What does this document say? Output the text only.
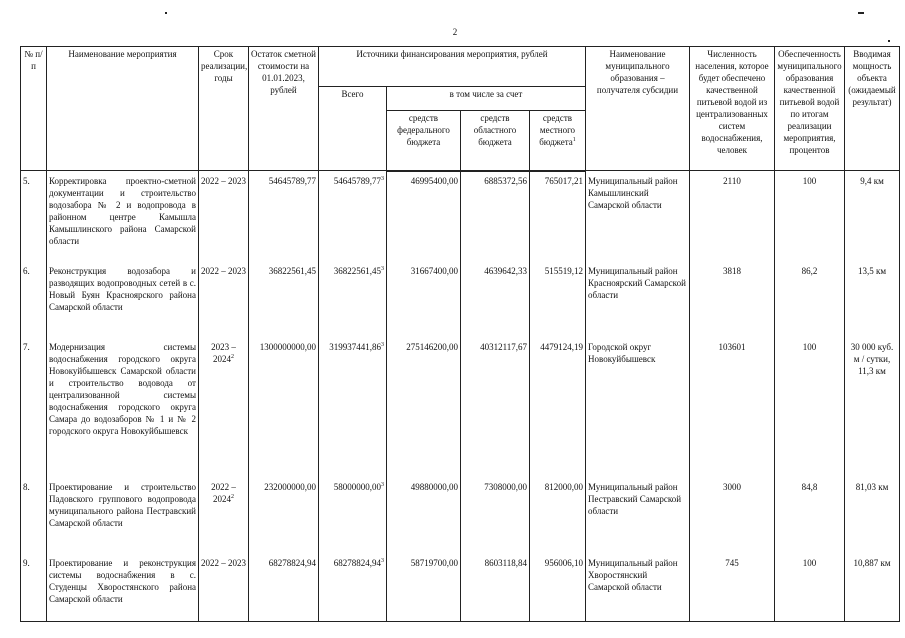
2
№ п/п	Наименование мероприятия	Срок реализации, годы	Остаток сметной стоимости на 01.01.2023, рублей	Источники финансирования мероприятия, рублей				Наименование муниципального образования – получателя субсидии	Численность населения, которое будет обеспечено качественной питьевой водой из централизованных систем водоснабжения, человек	Обеспеченность муниципального образования качественной питьевой водой по итогам реализации мероприятия, процентов	Вводимая мощность объекта (ожидаемый результат)
				Всего	в том числе за счет						
					средств федерального бюджета	средств областного бюджета	средств местного бюджета$^1$

5.	Корректировка проектно-сметной документации и строительство водозабора № 2 и водопровода в районном центре Камышла Камышлинского района Самарской области	2022 – 2023	54645789,77	54645789,77$^3$	46995400,00	6885372,56	765017,21	Муниципальный район Камышлинский Самарской области	2110	100	9,4 км
6.	Реконструкция водозабора и разводящих водопроводных сетей в с. Новый Буян Красноярского района Самарской области	2022 – 2023	36822561,45	36822561,45$^3$	31667400,00	4639642,33	515519,12	Муниципальный район Красноярский Самарской области	3818	86,2	13,5 км
7.	Модернизация системы водоснабжения городского округа Новокуйбышевск Самарской области и строительство водовода от централизованной системы водоснабжения городского округа Самара до водозаборов № 1 и № 2 городского округа Новокуйбышевск	2023 – 2024$^2$	1300000000,00	319937441,86$^3$	275146200,00	40312117,67	4479124,19	Городской округ Новокуйбышевск	103601	100	30 000 куб. м / сутки, 11,3 км
8.	Проектирование и строительство Падовского группового водопровода муниципального района Пестравский Самарской области	2022 – 2024$^2$	232000000,00	58000000,00$^3$	49880000,00	7308000,00	812000,00	Муниципальный район Пестравский Самарской области	3000	84,8	81,03 км
9.	Проектирование и реконструкция системы водоснабжения в с. Студенцы Хворостянского района Самарской области	2022 – 2023	68278824,94	68278824,94$^3$	58719700,00	8603118,84	956006,10	Муниципальный район Хворостянский Самарской области	745	100	10,887 км
